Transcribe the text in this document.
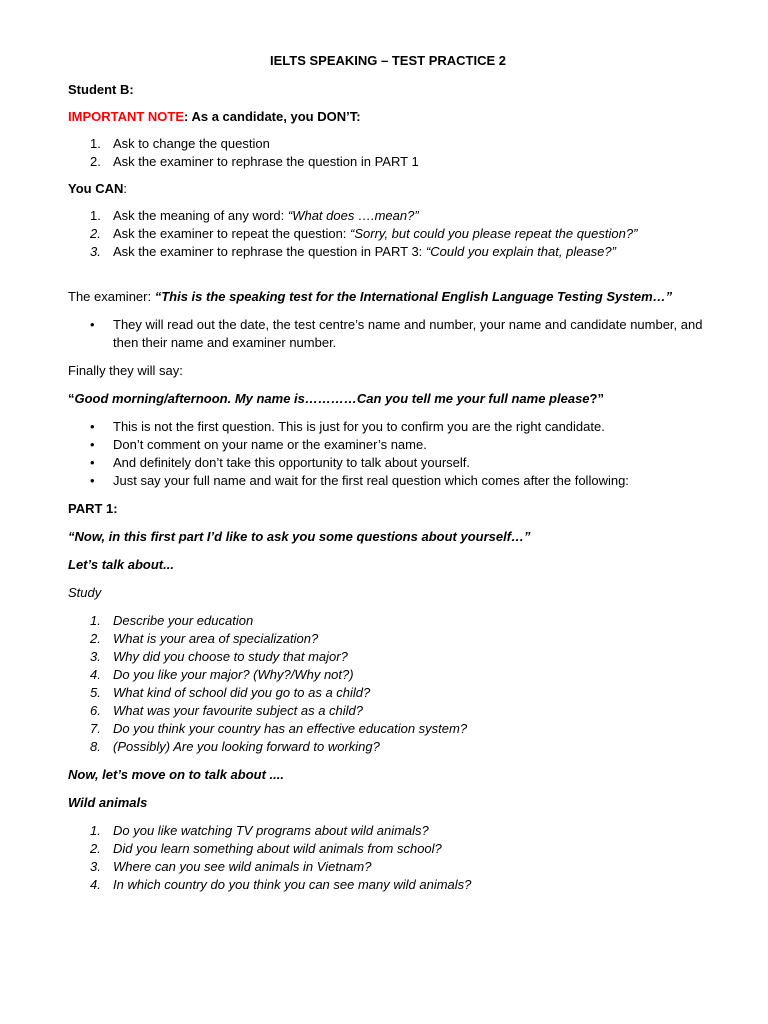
IELTS SPEAKING – TEST PRACTICE 2

Student B:

IMPORTANT NOTE: As a candidate, you DON’T:

1. Ask to change the question
2. Ask the examiner to rephrase the question in PART 1

You CAN:

1. Ask the meaning of any word: “What does ….mean?”
2. Ask the examiner to repeat the question: “Sorry, but could you please repeat the question?”
3. Ask the examiner to rephrase the question in PART 3: “Could you explain that, please?”

The examiner: “This is the speaking test for the International English Language Testing System…”

• They will read out the date, the test centre’s name and number, your name and candidate number, and then their name and examiner number.

Finally they will say:

“Good morning/afternoon. My name is…………Can you tell me your full name please?”

• This is not the first question. This is just for you to confirm you are the right candidate.
• Don’t comment on your name or the examiner’s name.
• And definitely don’t take this opportunity to talk about yourself.
• Just say your full name and wait for the first real question which comes after the following:

PART 1:

“Now, in this first part I’d like to ask you some questions about yourself…”

Let’s talk about...

Study

1. Describe your education
2. What is your area of specialization?
3. Why did you choose to study that major?
4. Do you like your major? (Why?/Why not?)
5. What kind of school did you go to as a child?
6. What was your favourite subject as a child?
7. Do you think your country has an effective education system?
8. (Possibly) Are you looking forward to working?

Now, let’s move on to talk about ....

Wild animals

1. Do you like watching TV programs about wild animals?
2. Did you learn something about wild animals from school?
3. Where can you see wild animals in Vietnam?
4. In which country do you think you can see many wild animals?
